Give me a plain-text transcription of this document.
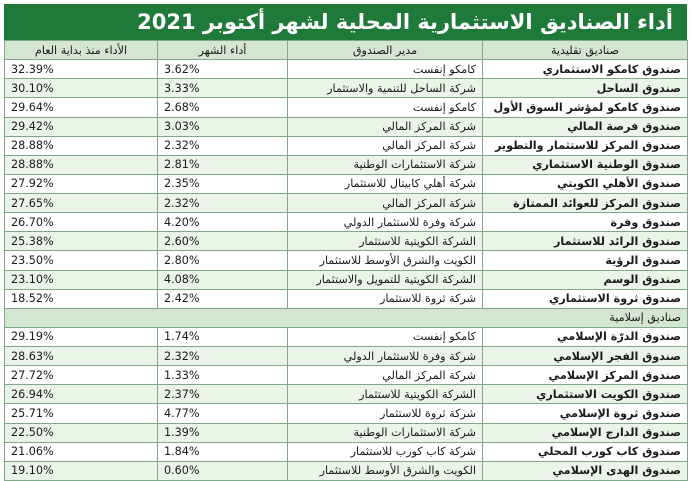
أداء الصناديق الاستثمارية المحلية لشهر أكتوبر 2021
صناديق تقليدية	مدير الصندوق	أداء الشهر	الأداء منذ بداية العام
صندوق كامكو الاستثماري	كامكو إنفست	3.62%	32.39%
صندوق الساحل	شركة الساحل للتنمية والاستثمار	3.33%	30.10%
صندوق كامكو لمؤشر السوق الأول	كامكو إنفست	2.68%	29.64%
صندوق فرصة المالي	شركة المركز المالي	3.03%	29.42%
صندوق المركز للاستثمار والتطوير	شركة المركز المالي	2.32%	28.88%
صندوق الوطنية الاستثماري	شركة الاستثمارات الوطنية	2.81%	28.88%
صندوق الأهلي الكويتي	شركة أهلي كابيتال للاستثمار	2.35%	27.92%
صندوق المركز للعوائد الممتازة	شركة المركز المالي	2.32%	27.65%
صندوق وفرة	شركة وفرة للاستثمار الدولي	4.20%	26.70%
صندوق الرائد للاستثمار	الشركة الكويتية للاستثمار	2.60%	25.38%
صندوق الرؤية	الكويت والشرق الأوسط للاستثمار	2.80%	23.50%
صندوق الوسم	الشركة الكويتية للتمويل والاستثمار	4.08%	23.10%
صندوق ثروة الاستثماري	شركة ثروة للاستثمار	2.42%	18.52%
صناديق إسلامية			
صندوق الدرّة الإسلامي	كامكو إنفست	1.74%	29.19%
صندوق الفجر الإسلامي	شركة وفرة للاستثمار الدولي	2.32%	28.63%
صندوق المركز الإسلامي	شركة المركز المالي	1.33%	27.72%
صندوق الكويت الاستثماري	الشركة الكويتية للاستثمار	2.37%	26.94%
صندوق ثروة الإسلامي	شركة ثروة للاستثمار	4.77%	25.71%
صندوق الدارج الإسلامي	شركة الاستثمارات الوطنية	1.39%	22.50%
صندوق كاب كورب المحلي	شركة كاب كورب للاستثمار	1.84%	21.06%
صندوق الهدى الإسلامي	الكويت والشرق الأوسط للاستثمار	0.60%	19.10%
